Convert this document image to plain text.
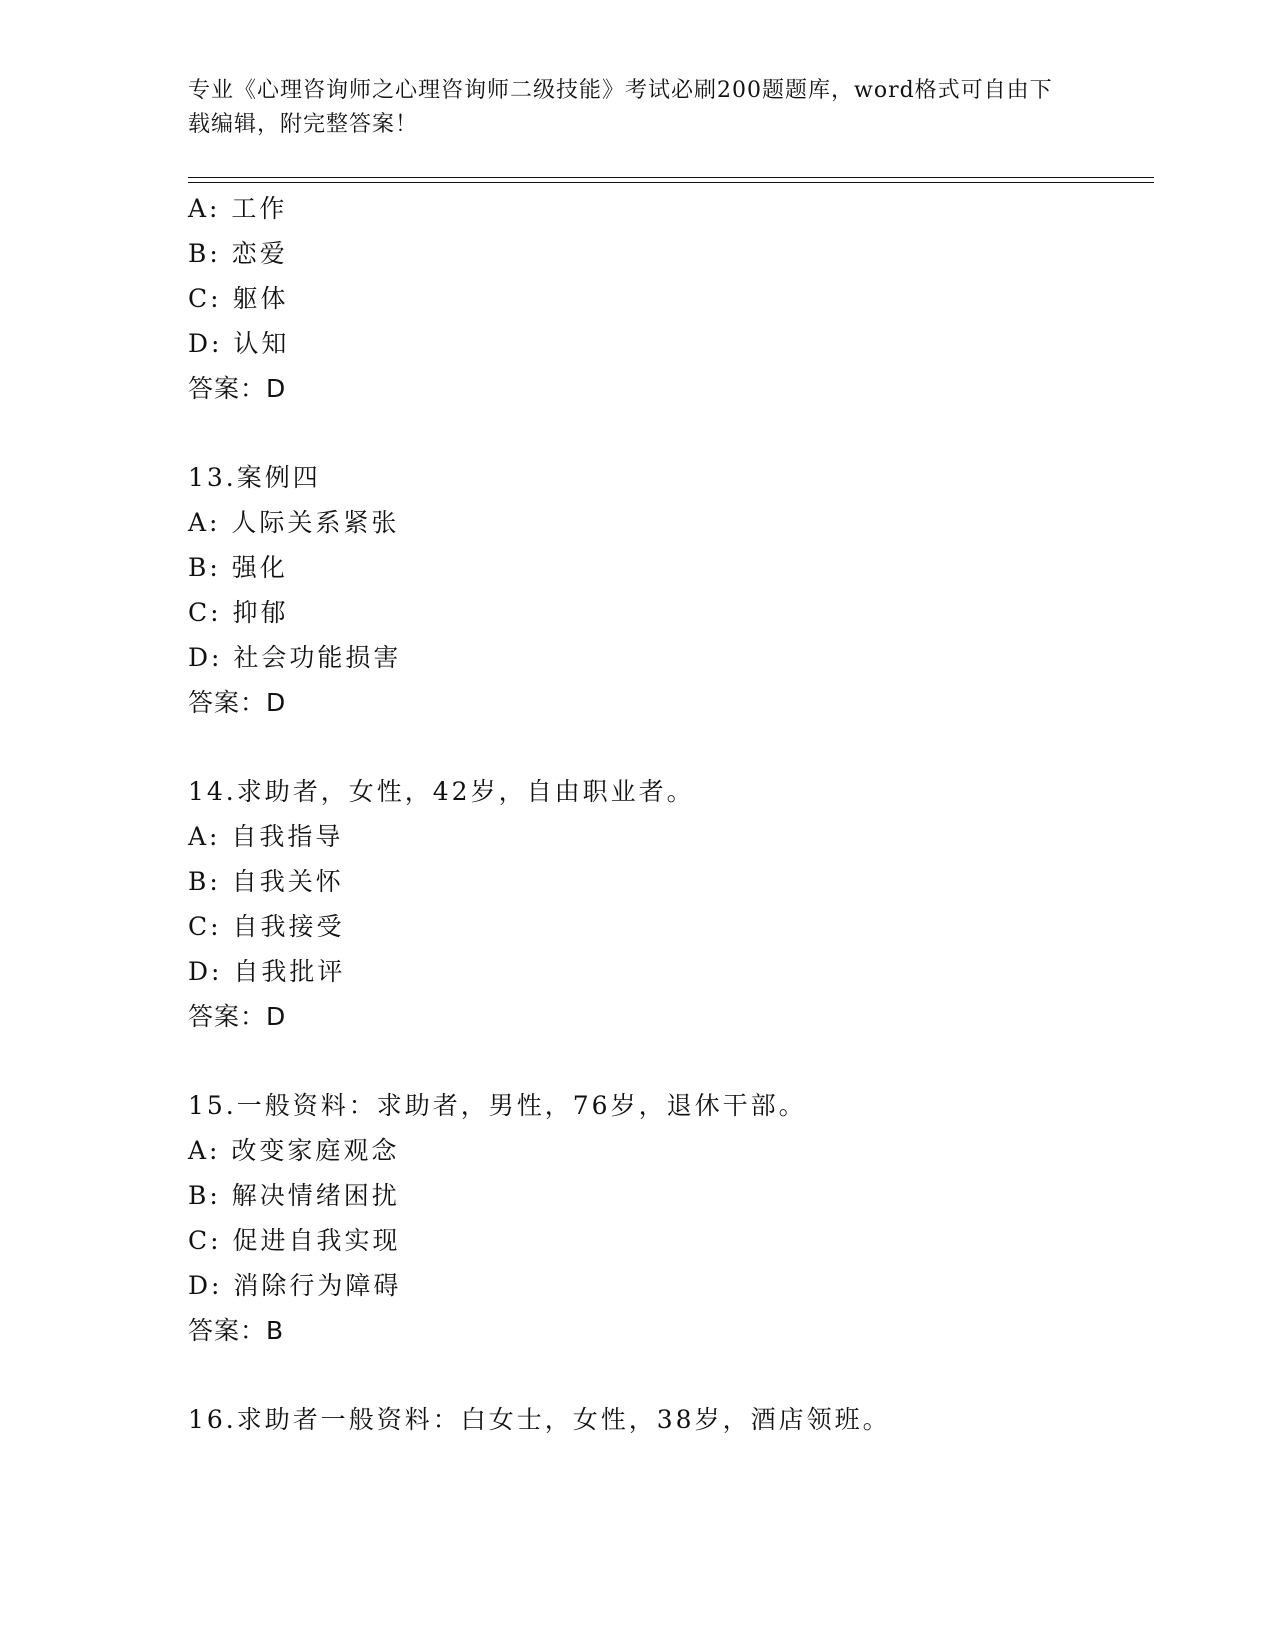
专业《心理咨询师之心理咨询师二级技能》考试必刷200题题库，word格式可自由下载编辑，附完整答案！
A: 工作
B: 恋爱
C: 躯体
D: 认知
答案：D
13.案例四
A: 人际关系紧张
B: 强化
C: 抑郁
D: 社会功能损害
答案：D
14.求助者，女性，42岁，自由职业者。
A: 自我指导
B: 自我关怀
C: 自我接受
D: 自我批评
答案：D
15.一般资料：求助者，男性，76岁，退休干部。
A: 改变家庭观念
B: 解决情绪困扰
C: 促进自我实现
D: 消除行为障碍
答案：B
16.求助者一般资料：白女士，女性，38岁，酒店领班。
